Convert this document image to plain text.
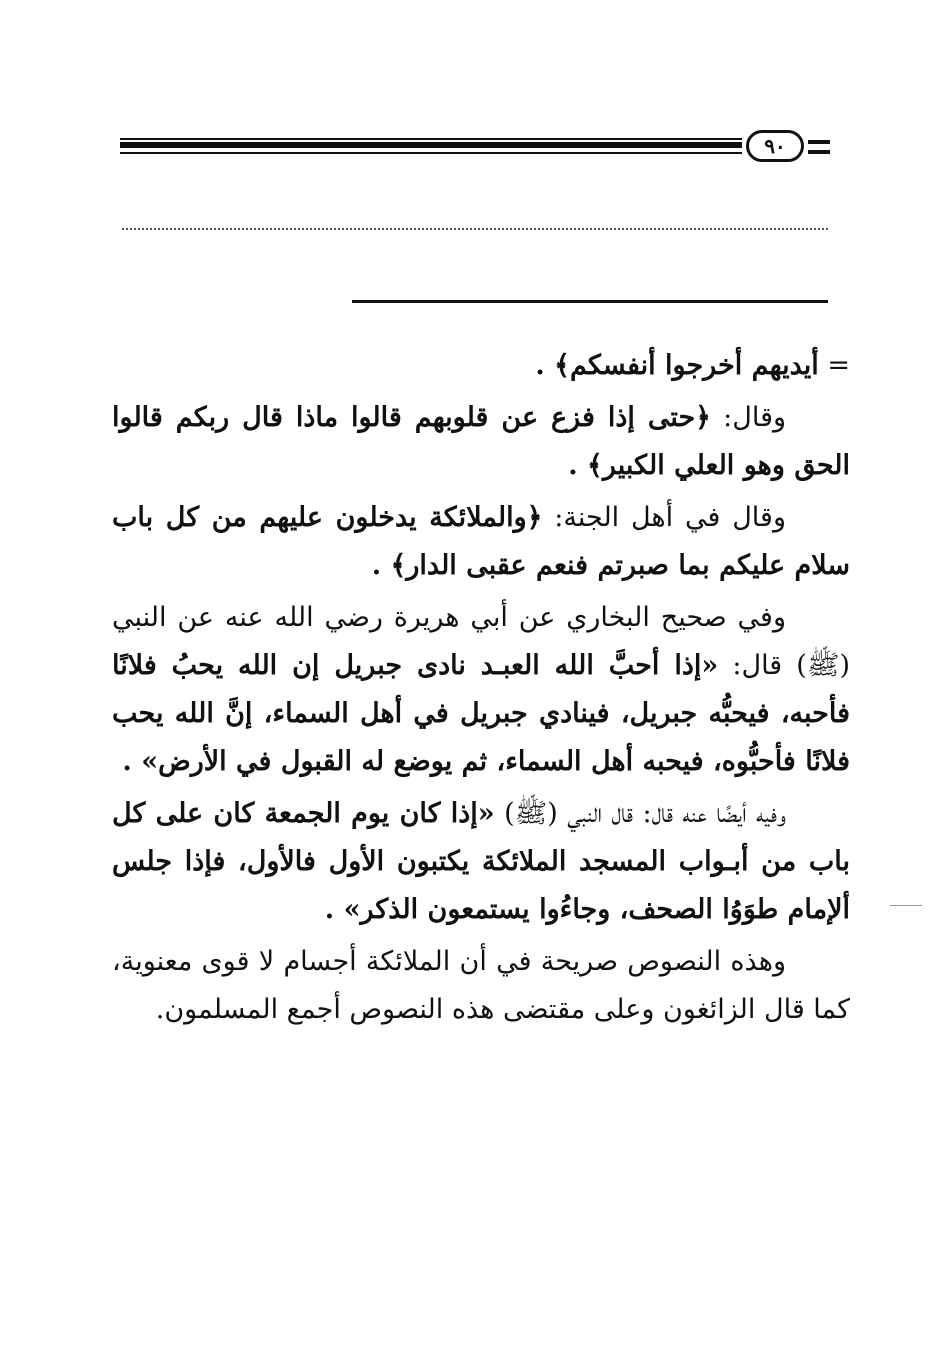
٩٠

= أيديهم أخرجوا أنفسكم﴾ .

وقال: ﴿حتى إذا فزع عن قلوبهم قالوا ماذا قال ربكم قالوا الحق وهو العلي الكبير﴾ .

وقال في أهل الجنة: ﴿والملائكة يدخلون عليهم من كل باب سلام عليكم بما صبرتم فنعم عقبى الدار﴾ .

وفي صحيح البخاري عن أبي هريرة رضي الله عنه عن النبي (ﷺ) قال: «إذا أحبَّ الله العبـد نادى جبريل إن الله يحبُ فلانًا فأحبه، فيحبُّه جبريل، فينادي جبريل في أهل السماء، إنَّ الله يحب فلانًا فأحبُّوه، فيحبه أهل السماء، ثم يوضع له القبول في الأرض» .

وفيه أيضًا عنه قال: قال النبي (ﷺ) «إذا كان يوم الجمعة كان على كل باب من أبـواب المسجد الملائكة يكتبون الأول فالأول، فإذا جلس ألإمام طوَوُا الصحف، وجاءُوا يستمعون الذكر» .

وهذه النصوص صريحة في أن الملائكة أجسام لا قوى معنوية، كما قال الزائغون وعلى مقتضى هذه النصوص أجمع المسلمون.
